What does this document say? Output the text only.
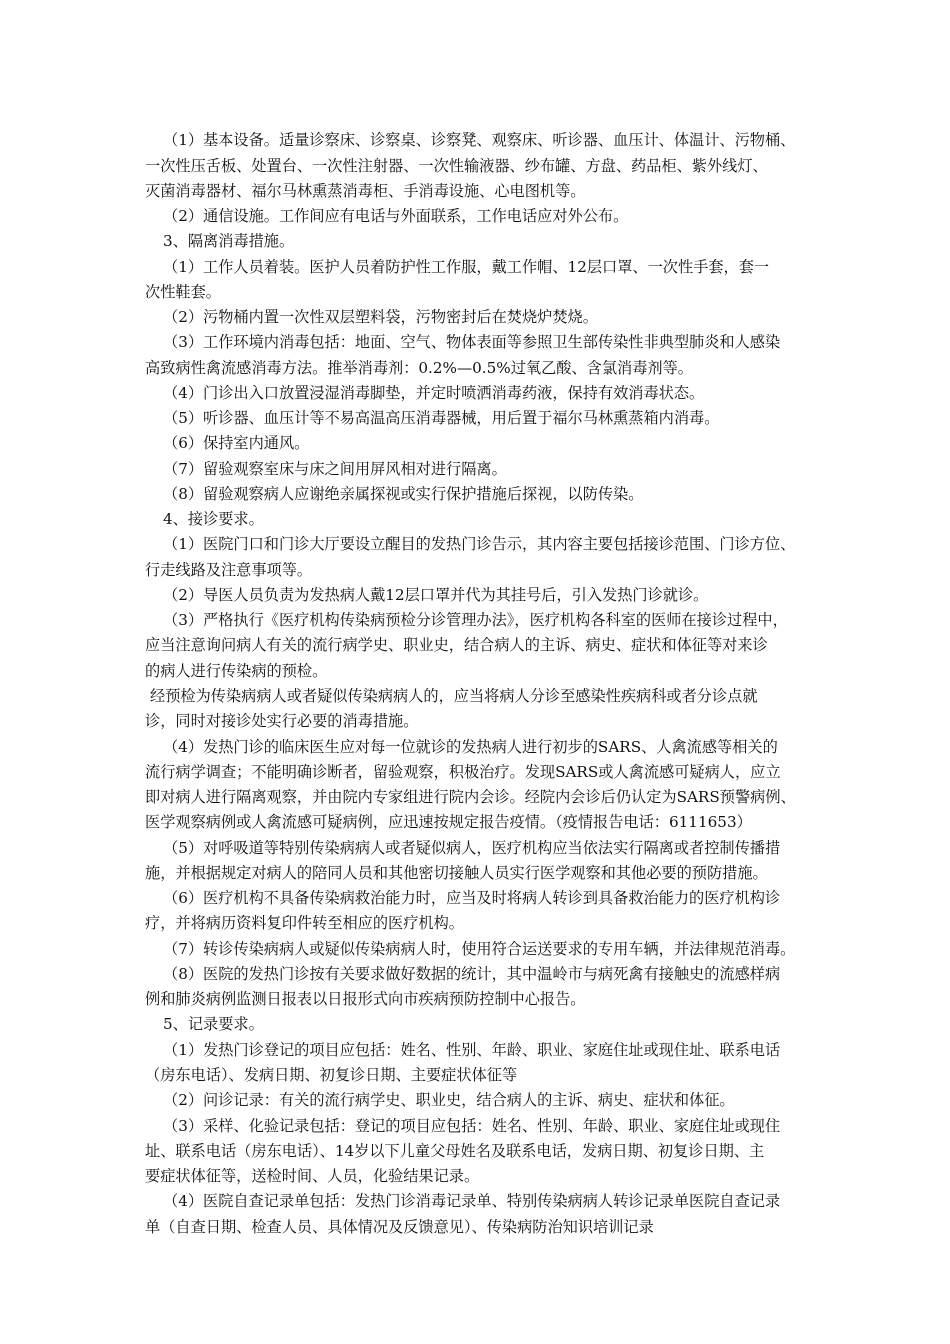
（1）基本设备。适量诊察床、诊察桌、诊察凳、观察床、听诊器、血压计、体温计、污物桶、
一次性压舌板、处置台、一次性注射器、一次性输液器、纱布罐、方盘、药品柜、紫外线灯、
灭菌消毒器材、福尔马林熏蒸消毒柜、手消毒设施、心电图机等。
（2）通信设施。工作间应有电话与外面联系，工作电话应对外公布。
3、隔离消毒措施。
（1）工作人员着装。医护人员着防护性工作服，戴工作帽、12层口罩、一次性手套，套一
次性鞋套。
（2）污物桶内置一次性双层塑料袋，污物密封后在焚烧炉焚烧。
（3）工作环境内消毒包括：地面、空气、物体表面等参照卫生部传染性非典型肺炎和人感染
高致病性禽流感消毒方法。推举消毒剂：0.2%—0.5%过氧乙酸、含氯消毒剂等。
（4）门诊出入口放置浸湿消毒脚垫，并定时喷洒消毒药液，保持有效消毒状态。
（5）听诊器、血压计等不易高温高压消毒器械，用后置于福尔马林熏蒸箱内消毒。
（6）保持室内通风。
（7）留验观察室床与床之间用屏风相对进行隔离。
（8）留验观察病人应谢绝亲属探视或实行保护措施后探视，以防传染。
4、接诊要求。
（1）医院门口和门诊大厅要设立醒目的发热门诊告示，其内容主要包括接诊范围、门诊方位、
行走线路及注意事项等。
（2）导医人员负责为发热病人戴12层口罩并代为其挂号后，引入发热门诊就诊。
（3）严格执行《医疗机构传染病预检分诊管理办法》，医疗机构各科室的医师在接诊过程中，
应当注意询问病人有关的流行病学史、职业史，结合病人的主诉、病史、症状和体征等对来诊
的病人进行传染病的预检。
经预检为传染病病人或者疑似传染病病人的，应当将病人分诊至感染性疾病科或者分诊点就
诊，同时对接诊处实行必要的消毒措施。
（4）发热门诊的临床医生应对每一位就诊的发热病人进行初步的SARS、人禽流感等相关的
流行病学调查；不能明确诊断者，留验观察，积极治疗。发现SARS或人禽流感可疑病人，应立
即对病人进行隔离观察，并由院内专家组进行院内会诊。经院内会诊后仍认定为SARS预警病例、
医学观察病例或人禽流感可疑病例，应迅速按规定报告疫情。（疫情报告电话：6111653）
（5）对呼吸道等特别传染病病人或者疑似病人，医疗机构应当依法实行隔离或者控制传播措
施，并根据规定对病人的陪同人员和其他密切接触人员实行医学观察和其他必要的预防措施。
（6）医疗机构不具备传染病救治能力时，应当及时将病人转诊到具备救治能力的医疗机构诊
疗，并将病历资料复印件转至相应的医疗机构。
（7）转诊传染病病人或疑似传染病病人时，使用符合运送要求的专用车辆，并法律规范消毒。
（8）医院的发热门诊按有关要求做好数据的统计，其中温岭市与病死禽有接触史的流感样病
例和肺炎病例监测日报表以日报形式向市疾病预防控制中心报告。
5、记录要求。
（1）发热门诊登记的项目应包括：姓名、性别、年龄、职业、家庭住址或现住址、联系电话
（房东电话）、发病日期、初复诊日期、主要症状体征等
（2）问诊记录：有关的流行病学史、职业史，结合病人的主诉、病史、症状和体征。
（3）采样、化验记录包括：登记的项目应包括：姓名、性别、年龄、职业、家庭住址或现住
址、联系电话（房东电话）、14岁以下儿童父母姓名及联系电话，发病日期、初复诊日期、主
要症状体征等，送检时间、人员，化验结果记录。
（4）医院自查记录单包括：发热门诊消毒记录单、特别传染病病人转诊记录单医院自查记录
单（自查日期、检查人员、具体情况及反馈意见）、传染病防治知识培训记录
